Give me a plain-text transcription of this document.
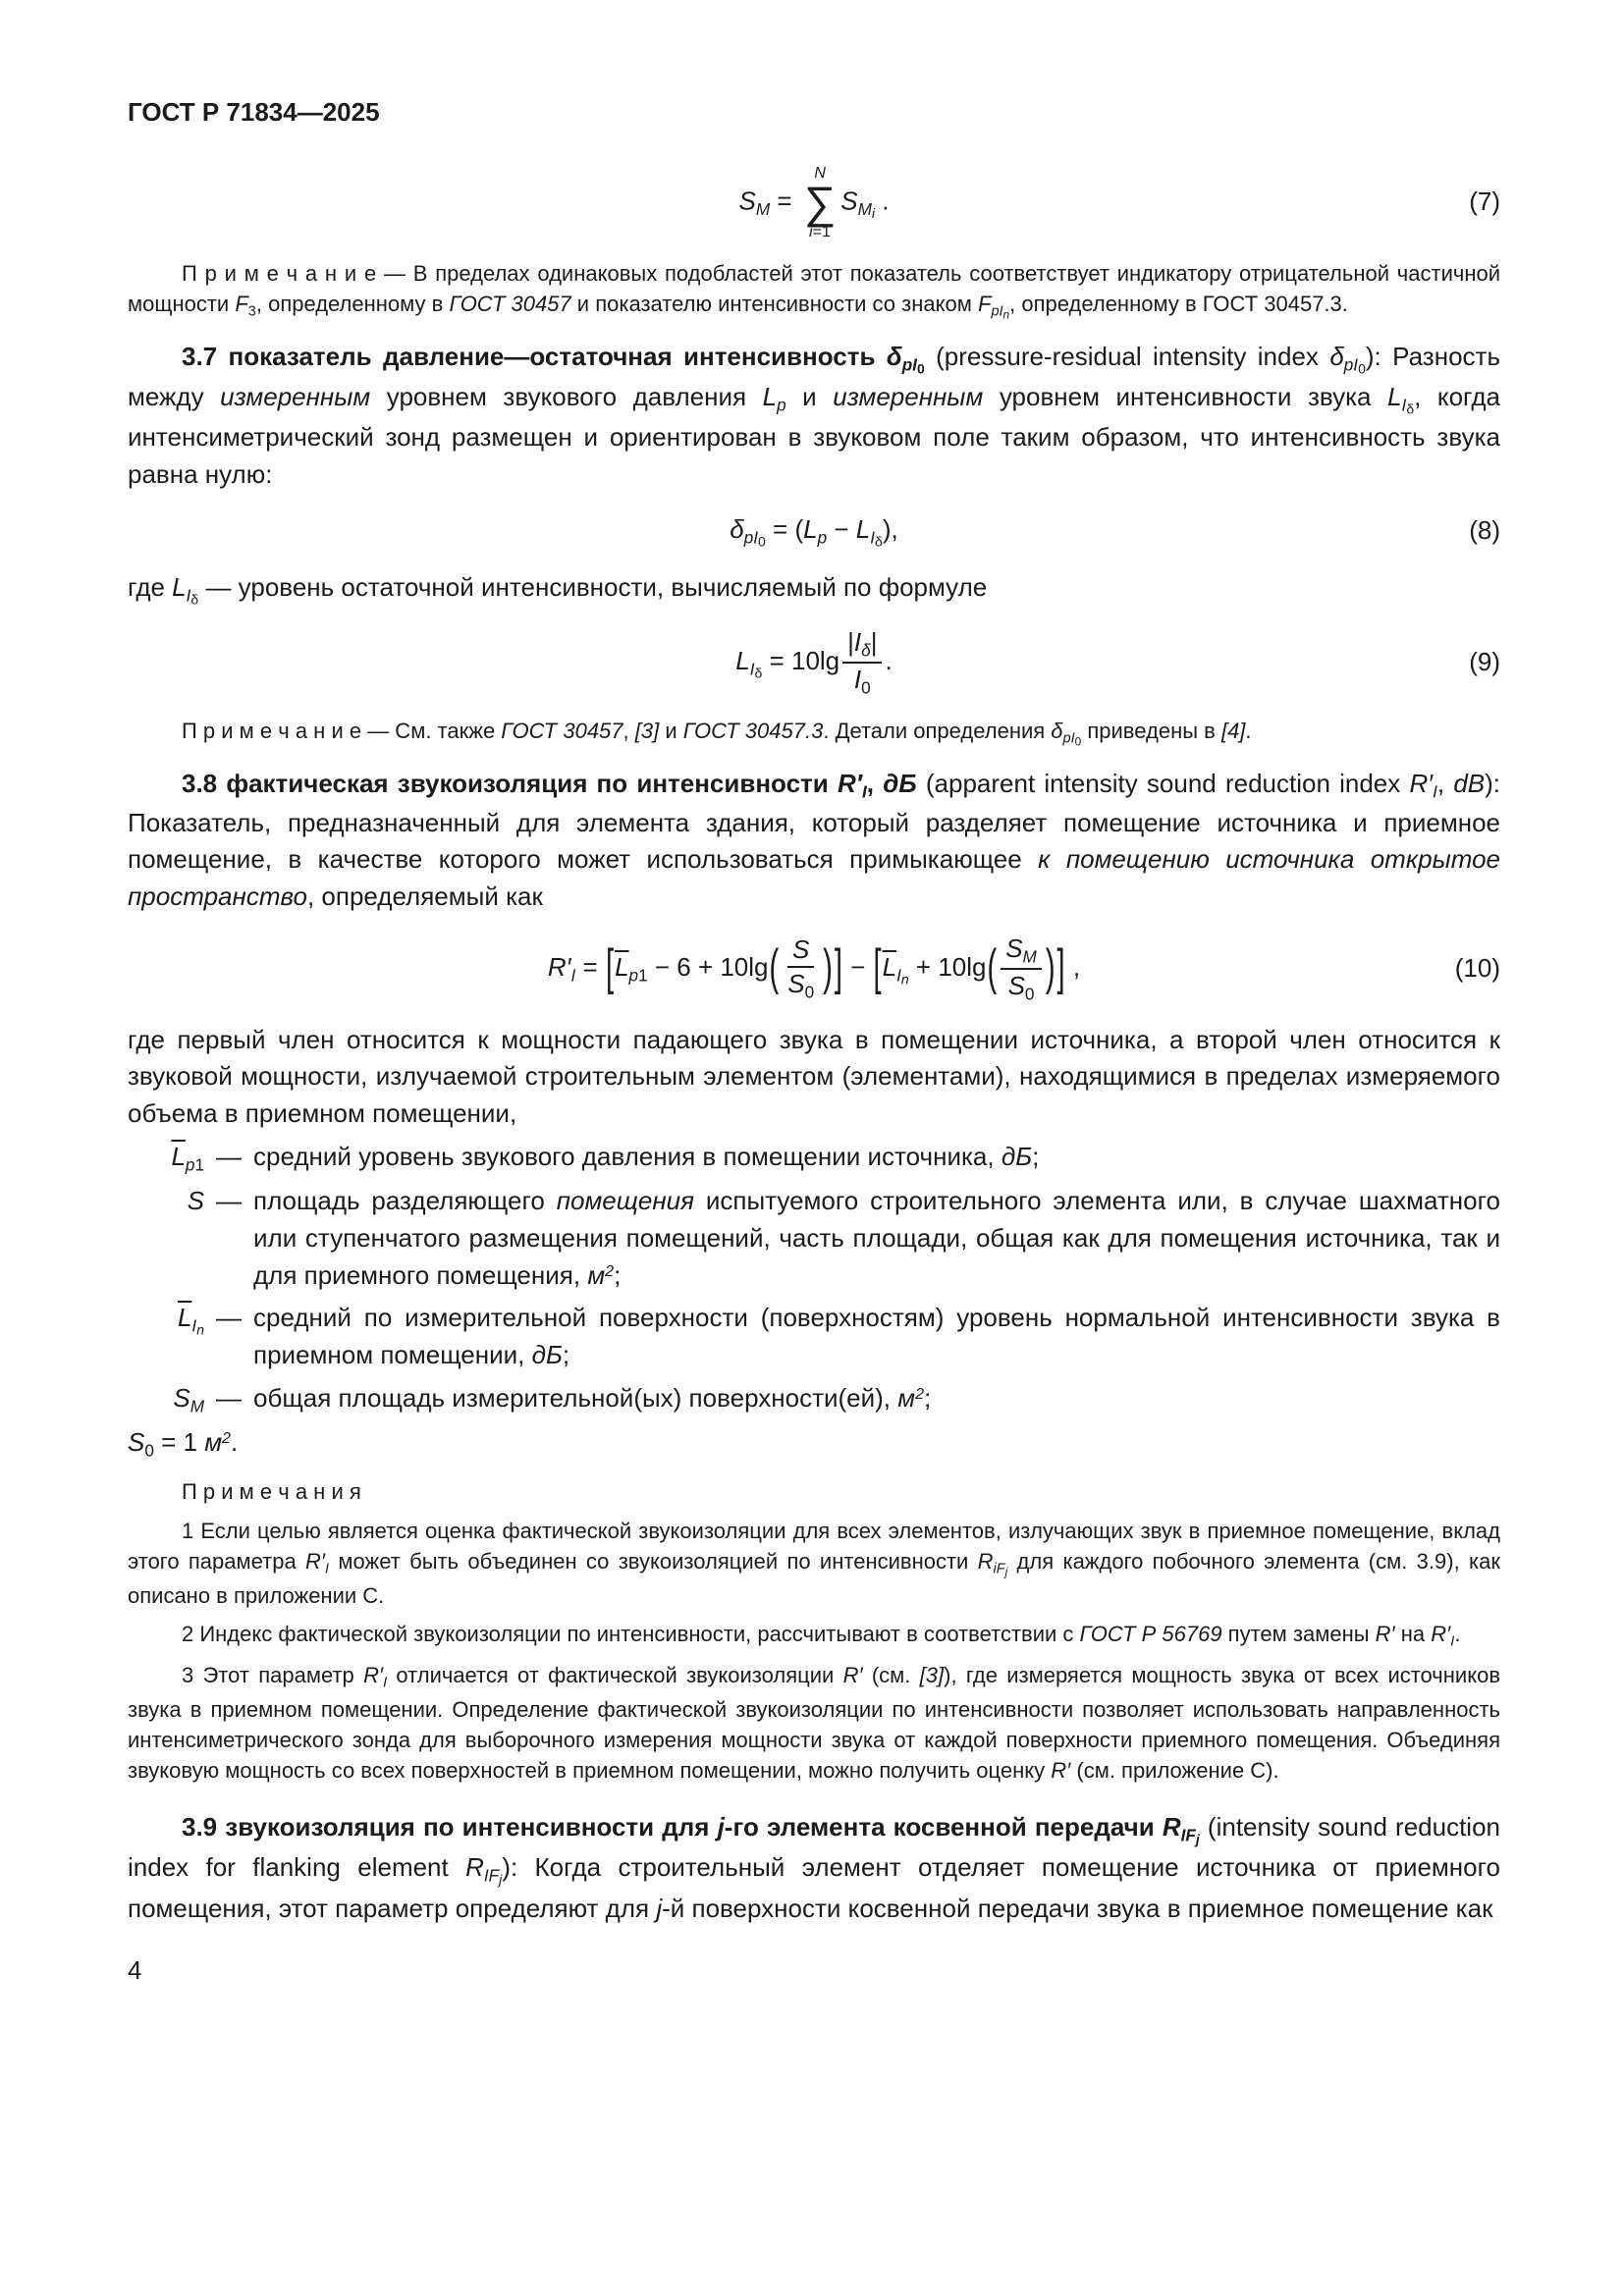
ГОСТ Р 71834—2025
$S_M$ =
N
∑
i=1
$S_{Mi}$ .	(7)

П р и м е ч а н и е — В пределах одинаковых подобластей этот показатель соответствует индикатору отрицательной частичной мощности $F_3$, определенному в ГОСТ 30457 и показателю интенсивности со знаком $F_{pIn}$, определенному в ГОСТ 30457.3.

3.7 показатель давление—остаточная интенсивность $\delta_{pI0}$ (pressure-residual intensity index $\delta_{pI0}$): Разность между измеренным уровнем звукового давления $L_p$ и измеренным уровнем интенсивности звука $L_{I\delta}$, когда интенсиметрический зонд размещен и ориентирован в звуковом поле таким образом, что интенсивность звука равна нулю:

$\delta_{pI0} = (L_p - L_{I\delta})$,	(8)

где $L_{I\delta}$ — уровень остаточной интенсивности, вычисляемый по формуле

$L_{I\delta} = 10\lg \frac{|I_\delta|}{I_0}$ .	(9)

П р и м е ч а н и е — См. также ГОСТ 30457, [3] и ГОСТ 30457.3. Детали определения $\delta_{pI0}$ приведены в [4].

3.8 фактическая звукоизоляция по интенсивности $R'_I$, дБ (apparent intensity sound reduction index $R'_I$, dB): Показатель, предназначенный для элемента здания, который разделяет помещение источника и приемное помещение, в качестве которого может использоваться примыкающее к помещению источника открытое пространство, определяемый как

$R'_I = [\overline{L}_{p1} - 6 + 10\lg( \frac{S}{S_0}$ )] − [$\overline{L}_{In} + 10\lg( \frac{S_M}{S_0}$ )] ,	(10)

где первый член относится к мощности падающего звука в помещении источника, а второй член относится к звуковой мощности, излучаемой строительным элементом (элементами), находящимися в пределах измеряемого объема в приемном помещении,

$\overline{L}_{p1}$ — средний уровень звукового давления в помещении источника, дБ;
S — площадь разделяющего помещения испытуемого строительного элемента или, в случае шахматного или ступенчатого размещения помещений, часть площади, общая как для помещения источника, так и для приемного помещения, $м^2$;
$\overline{L}_{In}$ — средний по измерительной поверхности (поверхностям) уровень нормальной интенсивности звука в приемном помещении, дБ;
$S_M$ — общая площадь измерительной(ых) поверхности(ей), $м^2$;

$S_0 = 1$ $м^2$.

П р и м е ч а н и я

1 Если целью является оценка фактической звукоизоляции для всех элементов, излучающих звук в приемное помещение, вклад этого параметра $R'_I$ может быть объединен со звукоизоляцией по интенсивности $R_{iFj}$ для каждого побочного элемента (см. 3.9), как описано в приложении С.

2 Индекс фактической звукоизоляции по интенсивности, рассчитывают в соответствии с ГОСТ Р 56769 путем замены R′ на $R'_I$.

3 Этот параметр $R'_I$ отличается от фактической звукоизоляции R′ (см. [3]), где измеряется мощность звука от всех источников звука в приемном помещении. Определение фактической звукоизоляции по интенсивности позволяет использовать направленность интенсиметрического зонда для выборочного измерения мощности звука от каждой поверхности приемного помещения. Объединяя звуковую мощность со всех поверхностей в приемном помещении, можно получить оценку R′ (см. приложение С).

3.9 звукоизоляция по интенсивности для j-го элемента косвенной передачи $R_{IFj}$ (intensity sound reduction index for flanking element $R_{IFj}$): Когда строительный элемент отделяет помещение источника от приемного помещения, этот параметр определяют для j-й поверхности косвенной передачи звука в приемное помещение как

4
